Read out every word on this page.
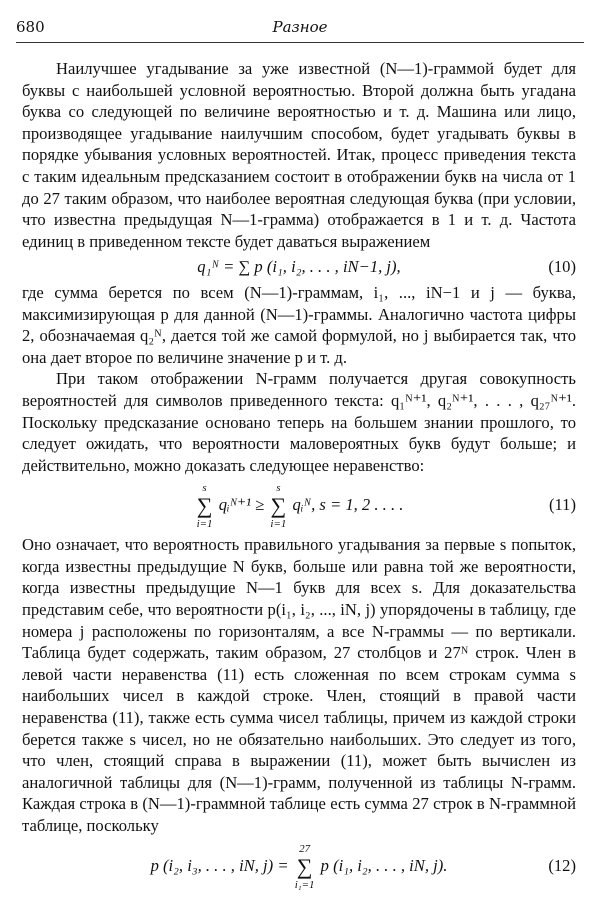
680	Разное

Наилучшее угадывание за уже известной (N—1)-граммой будет для буквы с наибольшей условной вероятностью. Второй должна быть угадана буква со следующей по величине вероятностью и т. д. Машина или лицо, производящее угадывание наилучшим способом, будет угадывать буквы в порядке убывания условных вероятностей. Итак, процесс приведения текста с таким идеальным предсказанием состоит в отображении букв на числа от 1 до 27 таким образом, что наиболее вероятная следующая буква (при условии, что известна предыдущая N—1-грамма) отображается в 1 и т. д. Частота единиц в приведенном тексте будет даваться выражением

q₁ᴺ = ∑ p (i₁, i₂, . . . , iN−1, j),	(10)

где сумма берется по всем (N—1)-граммам, i₁, ..., iN−1 и j — буква, максимизирующая p для данной (N—1)-граммы. Аналогично частота цифры 2, обозначаемая q₂ᴺ, дается той же самой формулой, но j выбирается так, что она дает второе по величине значение p и т. д.

При таком отображении N-грамм получается другая совокупность вероятностей для символов приведенного текста: q₁ᴺ⁺¹, q₂ᴺ⁺¹, . . . , q₂₇ᴺ⁺¹. Поскольку предсказание основано теперь на большем знании прошлого, то следует ожидать, что вероятности маловероятных букв будут больше; и действительно, можно доказать следующее неравенство:

s
∑
i=1
qᵢᴺ⁺¹ ≥
s
∑
i=1
qᵢᴺ, s = 1, 2 . . . .	(11)

Оно означает, что вероятность правильного угадывания за первые s попыток, когда известны предыдущие N букв, больше или равна той же вероятности, когда известны предыдущие N—1 букв для всех s. Для доказательства представим себе, что вероятности p(i₁, i₂, ..., iN, j) упорядочены в таблицу, где номера j расположены по горизонталям, а все N-граммы — по вертикали. Таблица будет содержать, таким образом, 27 столбцов и 27ᴺ строк. Член в левой части неравенства (11) есть сложенная по всем строкам сумма s наибольших чисел в каждой строке. Член, стоящий в правой части неравенства (11), также есть сумма чисел таблицы, причем из каждой строки берется также s чисел, но не обязательно наибольших. Это следует из того, что член, стоящий справа в выражении (11), может быть вычислен из аналогичной таблицы для (N—1)-грамм, полученной из таблицы N-грамм. Каждая строка в (N—1)-граммной таблице есть сумма 27 строк в N-граммной таблице, поскольку

p (i₂, i₃, . . . , iN, j) =
27
∑
i₁=1
p (i₁, i₂, . . . , iN, j).	(12)
